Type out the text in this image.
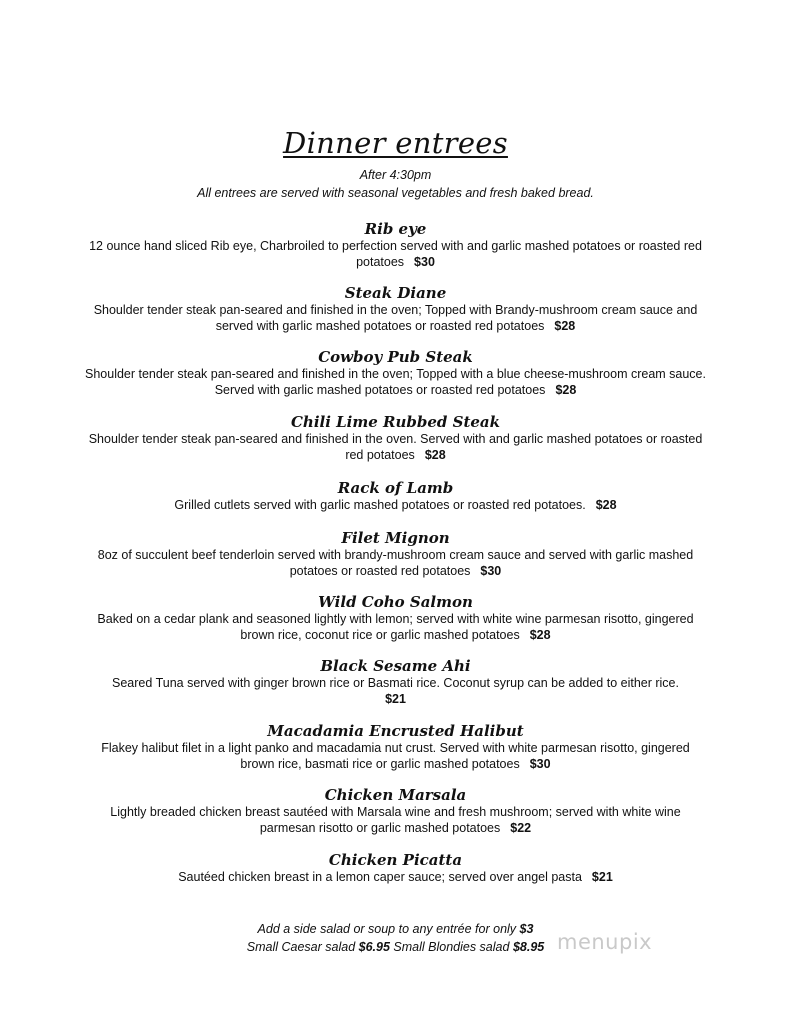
Dinner entrees
After 4:30pm
All entrees are served with seasonal vegetables and fresh baked bread.
Rib eye

12 ounce hand sliced Rib eye, Charbroiled to perfection served with and garlic mashed potatoes or roasted red potatoes $30

Steak Diane

Shoulder tender steak pan-seared and finished in the oven; Topped with Brandy-mushroom cream sauce and served with garlic mashed potatoes or roasted red potatoes $28

Cowboy Pub Steak

Shoulder tender steak pan-seared and finished in the oven; Topped with a blue cheese-mushroom cream sauce. Served with garlic mashed potatoes or roasted red potatoes $28

Chili Lime Rubbed Steak

Shoulder tender steak pan-seared and finished in the oven. Served with and garlic mashed potatoes or roasted red potatoes $28

Rack of Lamb

Grilled cutlets served with garlic mashed potatoes or roasted red potatoes. $28

Filet Mignon

8oz of succulent beef tenderloin served with brandy-mushroom cream sauce and served with garlic mashed potatoes or roasted red potatoes $30

Wild Coho Salmon

Baked on a cedar plank and seasoned lightly with lemon; served with white wine parmesan risotto, gingered brown rice, coconut rice or garlic mashed potatoes $28

Black Sesame Ahi

Seared Tuna served with ginger brown rice or Basmati rice. Coconut syrup can be added to either rice.
$21

Macadamia Encrusted Halibut

Flakey halibut filet in a light panko and macadamia nut crust. Served with white parmesan risotto, gingered brown rice, basmati rice or garlic mashed potatoes $30

Chicken Marsala

Lightly breaded chicken breast sautéed with Marsala wine and fresh mushroom; served with white wine parmesan risotto or garlic mashed potatoes $22

Chicken Picatta

Sautéed chicken breast in a lemon caper sauce; served over angel pasta $21

Add a side salad or soup to any entrée for only $3
Small Caesar salad $6.95 Small Blondies salad $8.95 menupix
